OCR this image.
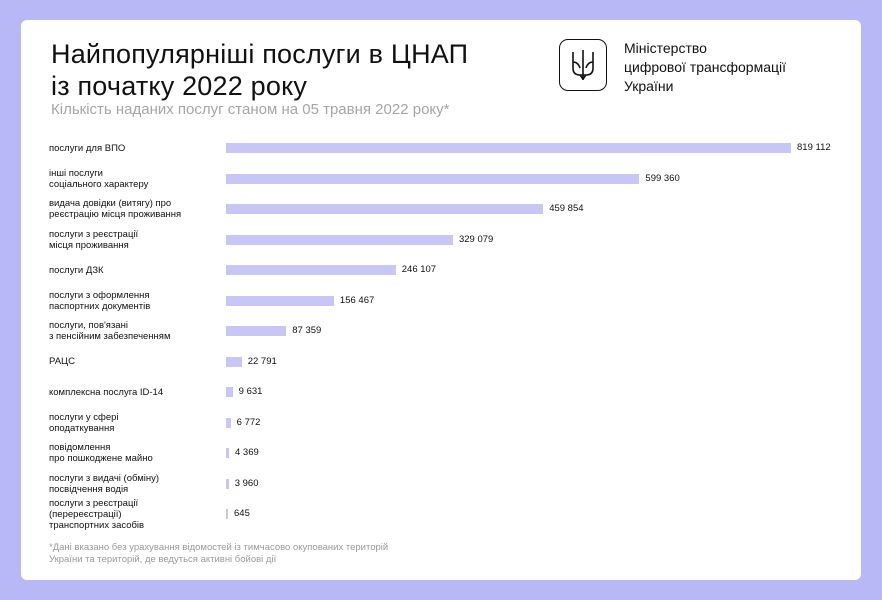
Найпопулярніші послуги в ЦНАП
із початку 2022 року

Кількість наданих послуг станом на 05 травня 2022 року*

Міністерство
цифрової трансформації
України
послуги для ВПО	819 112
інші послуги
соціального характеру
599 360
видача довідки (витягу) про
реєстрацію місця проживання
459 854
послуги з реєстрації
місця проживання
329 079
послуги ДЗК	246 107
послуги з оформлення
паспортних документів
156 467
послуги, пов'язані
з пенсійним забезпеченням
87 359
РАЦС	22 791
комплексна послуга ID-14	9 631
послуги у сфері
оподаткування
6 772
повідомлення
про пошкоджене майно
4 369
послуги з видачі (обміну)
посвідчення водія
3 960
послуги з реєстрації
(перереєстрації)
транспортних засобів
645
*Дані вказано без урахування відомостей із тимчасово окупованих територій України та територій, де ведуться активні бойові дії
